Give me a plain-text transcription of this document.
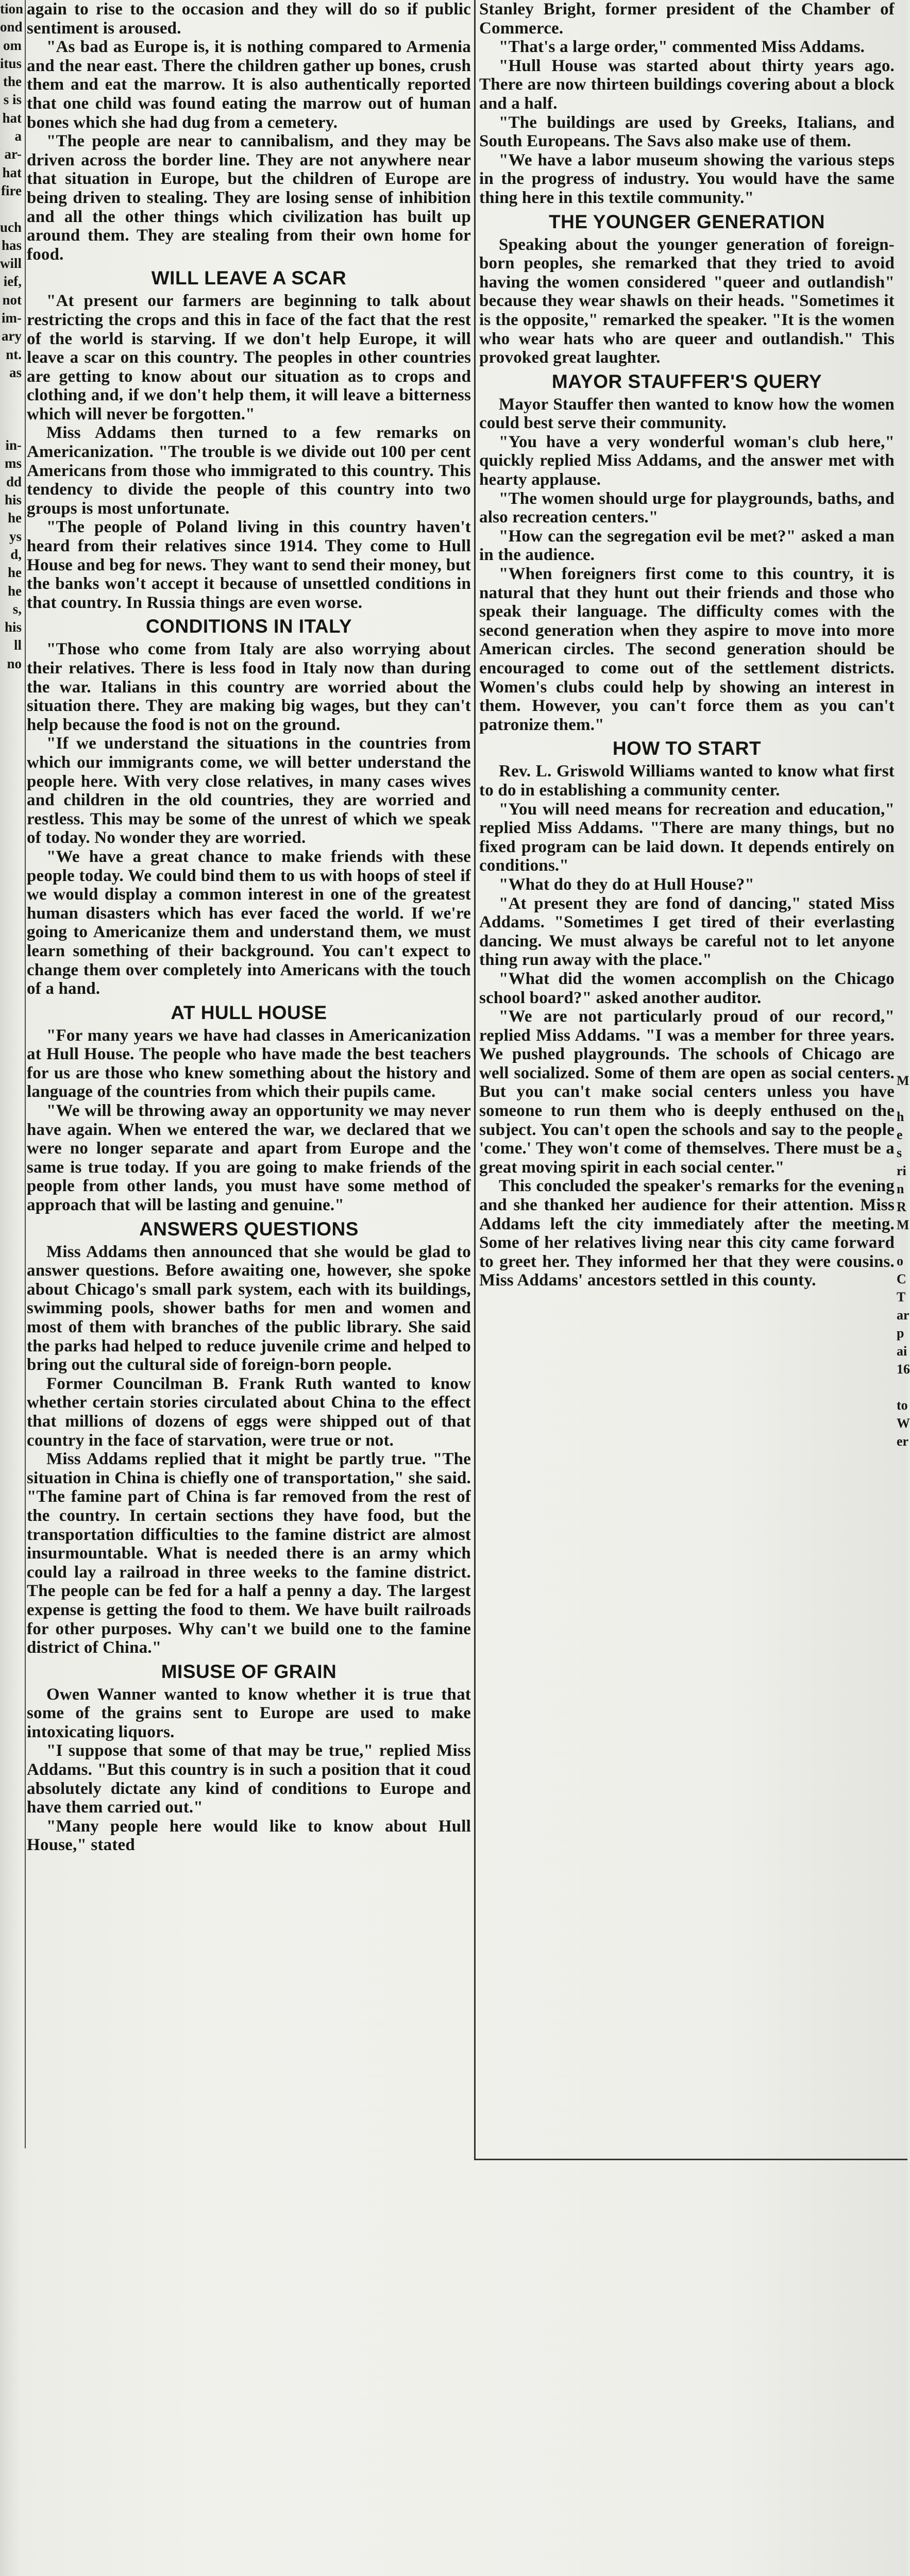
tion
ond
om
itus
the
s is
hat
a
ar-
hat
fire

uch
has
will
ief,
not
im-
ary
nt.
as

in-
ms
dd
his
he
ys
d,
he
he
s,
his
ll
no
M

h
e
s
ri
n
R
M

o
C
T
ar
p
ai
16

to
W
er

again to rise to the occasion and they will do so if public sentiment is aroused.

"As bad as Europe is, it is nothing compared to Armenia and the near east. There the children gather up bones, crush them and eat the marrow. It is also authentically reported that one child was found eating the marrow out of human bones which she had dug from a cemetery.

"The people are near to cannibalism, and they may be driven across the border line. They are not anywhere near that situation in Europe, but the children of Europe are being driven to stealing. They are losing sense of inhibition and all the other things which civilization has built up around them. They are stealing from their own home for food.

WILL LEAVE A SCAR

"At present our farmers are beginning to talk about restricting the crops and this in face of the fact that the rest of the world is starving. If we don't help Europe, it will leave a scar on this country. The peoples in other countries are getting to know about our situation as to crops and clothing and, if we don't help them, it will leave a bitterness which will never be forgotten."

Miss Addams then turned to a few remarks on Americanization. "The trouble is we divide out 100 per cent Americans from those who immigrated to this country. This tendency to divide the people of this country into two groups is most unfortunate.

"The people of Poland living in this country haven't heard from their relatives since 1914. They come to Hull House and beg for news. They want to send their money, but the banks won't accept it because of unsettled conditions in that country. In Russia things are even worse.

CONDITIONS IN ITALY

"Those who come from Italy are also worrying about their relatives. There is less food in Italy now than during the war. Italians in this country are worried about the situation there. They are making big wages, but they can't help because the food is not on the ground.

"If we understand the situations in the countries from which our immigrants come, we will better understand the people here. With very close relatives, in many cases wives and children in the old countries, they are worried and restless. This may be some of the unrest of which we speak of today. No wonder they are worried.

"We have a great chance to make friends with these people today. We could bind them to us with hoops of steel if we would display a common interest in one of the greatest human disasters which has ever faced the world. If we're going to Americanize them and understand them, we must learn something of their background. You can't expect to change them over completely into Americans with the touch of a hand.

AT HULL HOUSE

"For many years we have had classes in Americanization at Hull House. The people who have made the best teachers for us are those who knew something about the history and language of the countries from which their pupils came.

"We will be throwing away an opportunity we may never have again. When we entered the war, we declared that we were no longer separate and apart from Europe and the same is true today. If you are going to make friends of the people from other lands, you must have some method of approach that will be lasting and genuine."

ANSWERS QUESTIONS

Miss Addams then announced that she would be glad to answer questions. Before awaiting one, however, she spoke about Chicago's small park system, each with its buildings, swimming pools, shower baths for men and women and most of them with branches of the public library. She said the parks had helped to reduce juvenile crime and helped to bring out the cultural side of foreign-born people.

Former Councilman B. Frank Ruth wanted to know whether certain stories circulated about China to the effect that millions of dozens of eggs were shipped out of that country in the face of starvation, were true or not.

Miss Addams replied that it might be partly true. "The situation in China is chiefly one of transportation," she said. "The famine part of China is far removed from the rest of the country. In certain sections they have food, but the transportation difficulties to the famine district are almost insurmountable. What is needed there is an army which could lay a railroad in three weeks to the famine district. The people can be fed for a half a penny a day. The largest expense is getting the food to them. We have built railroads for other purposes. Why can't we build one to the famine district of China."

MISUSE OF GRAIN

Owen Wanner wanted to know whether it is true that some of the grains sent to Europe are used to make intoxicating liquors.

"I suppose that some of that may be true," replied Miss Addams. "But this country is in such a position that it coud absolutely dictate any kind of conditions to Europe and have them carried out."

"Many people here would like to know about Hull House," stated

Stanley Bright, former president of the Chamber of Commerce.

"That's a large order," commented Miss Addams.

"Hull House was started about thirty years ago. There are now thirteen buildings covering about a block and a half.

"The buildings are used by Greeks, Italians, and South Europeans. The Savs also make use of them.

"We have a labor museum showing the various steps in the progress of industry. You would have the same thing here in this textile community."

THE YOUNGER GENERATION

Speaking about the younger generation of foreign-born peoples, she remarked that they tried to avoid having the women considered "queer and outlandish" because they wear shawls on their heads. "Sometimes it is the opposite," remarked the speaker. "It is the women who wear hats who are queer and outlandish." This provoked great laughter.

MAYOR STAUFFER'S QUERY

Mayor Stauffer then wanted to know how the women could best serve their community.

"You have a very wonderful woman's club here," quickly replied Miss Addams, and the answer met with hearty applause.

"The women should urge for playgrounds, baths, and also recreation centers."

"How can the segregation evil be met?" asked a man in the audience.

"When foreigners first come to this country, it is natural that they hunt out their friends and those who speak their language. The difficulty comes with the second generation when they aspire to move into more American circles. The second generation should be encouraged to come out of the settlement districts. Women's clubs could help by showing an interest in them. However, you can't force them as you can't patronize them."

HOW TO START

Rev. L. Griswold Williams wanted to know what first to do in establishing a community center.

"You will need means for recreation and education," replied Miss Addams. "There are many things, but no fixed program can be laid down. It depends entirely on conditions."

"What do they do at Hull House?"

"At present they are fond of dancing," stated Miss Addams. "Sometimes I get tired of their everlasting dancing. We must always be careful not to let anyone thing run away with the place."

"What did the women accomplish on the Chicago school board?" asked another auditor.

"We are not particularly proud of our record," replied Miss Addams. "I was a member for three years. We pushed playgrounds. The schools of Chicago are well socialized. Some of them are open as social centers. But you can't make social centers unless you have someone to run them who is deeply enthused on the subject. You can't open the schools and say to the people 'come.' They won't come of themselves. There must be a great moving spirit in each social center."

This concluded the speaker's remarks for the evening and she thanked her audience for their attention. Miss Addams left the city immediately after the meeting. Some of her relatives living near this city came forward to greet her. They informed her that they were cousins. Miss Addams' ancestors settled in this county.
